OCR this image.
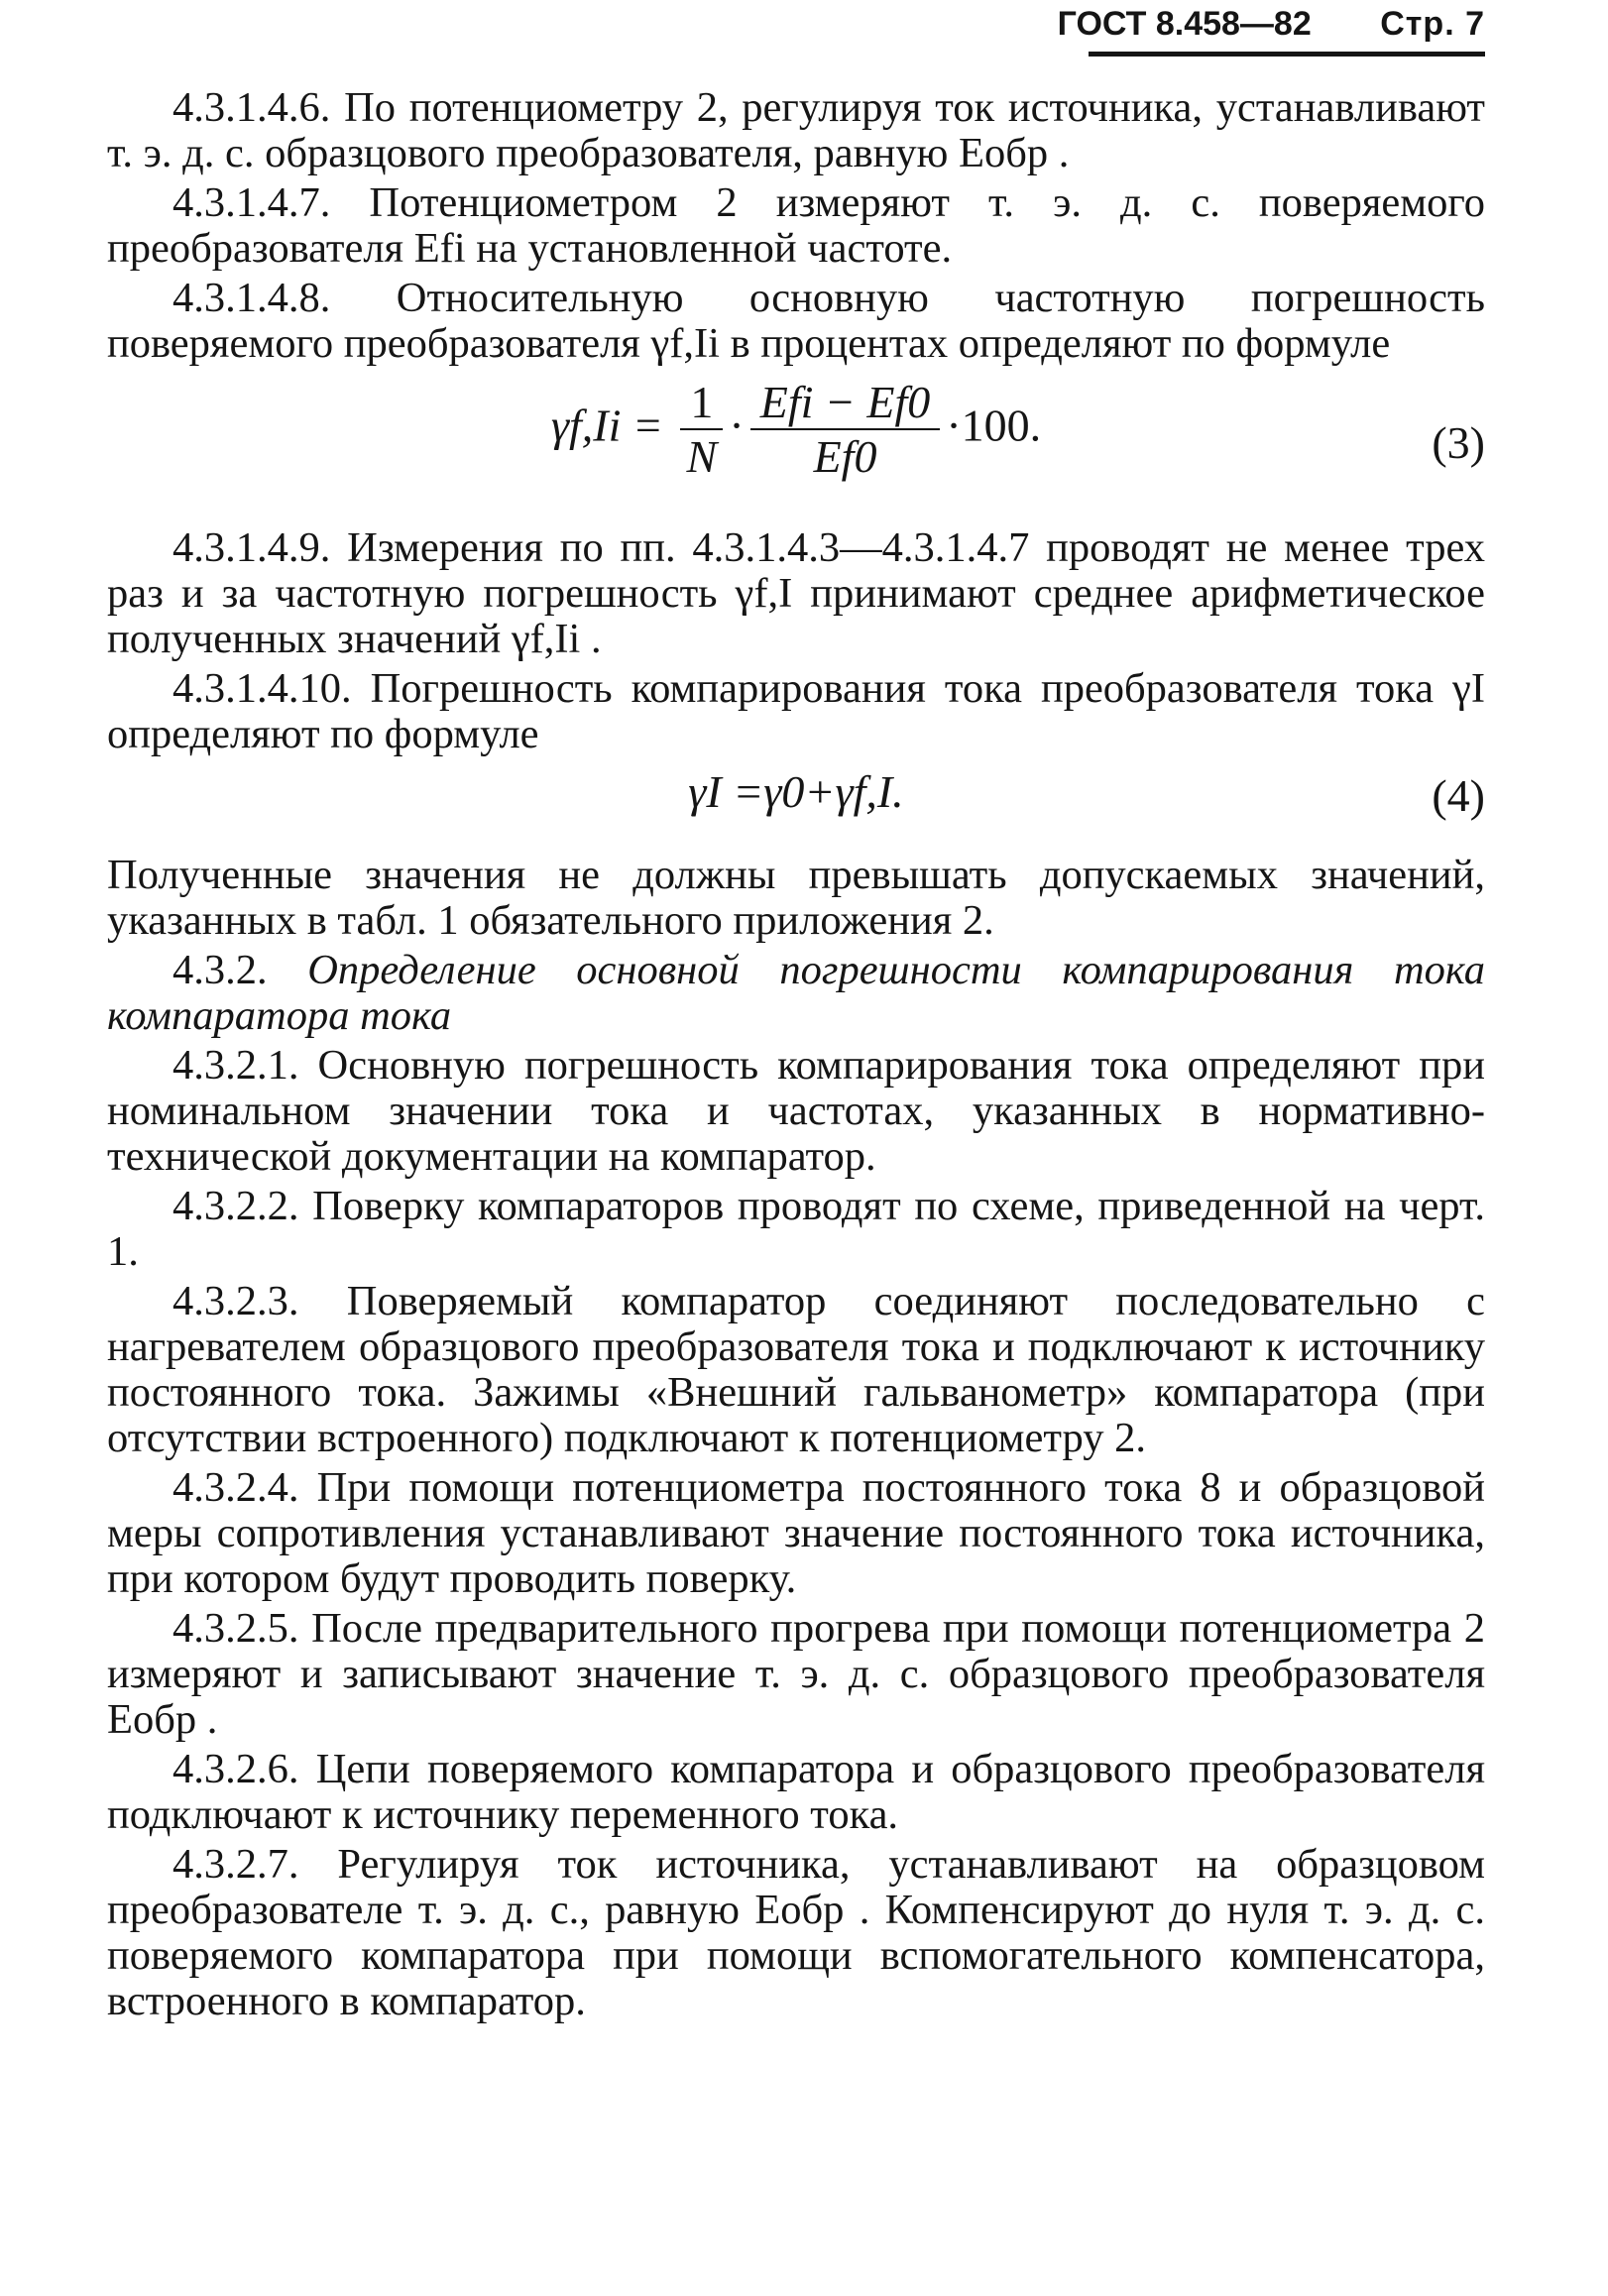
ГОСТ 8.458—82 Стр. 7

4.3.1.4.6. По потенциометру 2, регулируя ток источника, устанавливают т. э. д. с. образцового преобразователя, равную Eобр .

4.3.1.4.7. Потенциометром 2 измеряют т. э. д. с. поверяемого преобразователя Efi на установленной частоте.

4.3.1.4.8. Относительную основную частотную погрешность поверяемого преобразователя γf,Ii в процентах определяют по формуле

$\gamma f,Ii = \frac{1}{N} \cdot \frac{\text{Efi − Ef0}}{Ef0} \cdot 100$.	(3)

4.3.1.4.9. Измерения по пп. 4.3.1.4.3—4.3.1.4.7 проводят не менее трех раз и за частотную погрешность γf,I принимают среднее арифметическое полученных значений γf,Ii .

4.3.1.4.10. Погрешность компарирования тока преобразователя тока γI определяют по формуле

γI =γ0+γf,I.	(4)

Полученные значения не должны превышать допускаемых значений, указанных в табл. 1 обязательного приложения 2.

4.3.2. Определение основной погрешности компарирования тока компаратора тока

4.3.2.1. Основную погрешность компарирования тока определяют при номинальном значении тока и частотах, указанных в нормативно-технической документации на компаратор.

4.3.2.2. Поверку компараторов проводят по схеме, приведенной на черт. 1.

4.3.2.3. Поверяемый компаратор соединяют последовательно с нагревателем образцового преобразователя тока и подключают к источнику постоянного тока. Зажимы «Внешний гальванометр» компаратора (при отсутствии встроенного) подключают к потенциометру 2.

4.3.2.4. При помощи потенциометра постоянного тока 8 и образцовой меры сопротивления устанавливают значение постоянного тока источника, при котором будут проводить поверку.

4.3.2.5. После предварительного прогрева при помощи потенциометра 2 измеряют и записывают значение т. э. д. с. образцового преобразователя Eобр .

4.3.2.6. Цепи поверяемого компаратора и образцового преобразователя подключают к источнику переменного тока.

4.3.2.7. Регулируя ток источника, устанавливают на образцовом преобразователе т. э. д. с., равную Eобр . Компенсируют до нуля т. э. д. с. поверяемого компаратора при помощи вспомогательного компенсатора, встроенного в компаратор.
